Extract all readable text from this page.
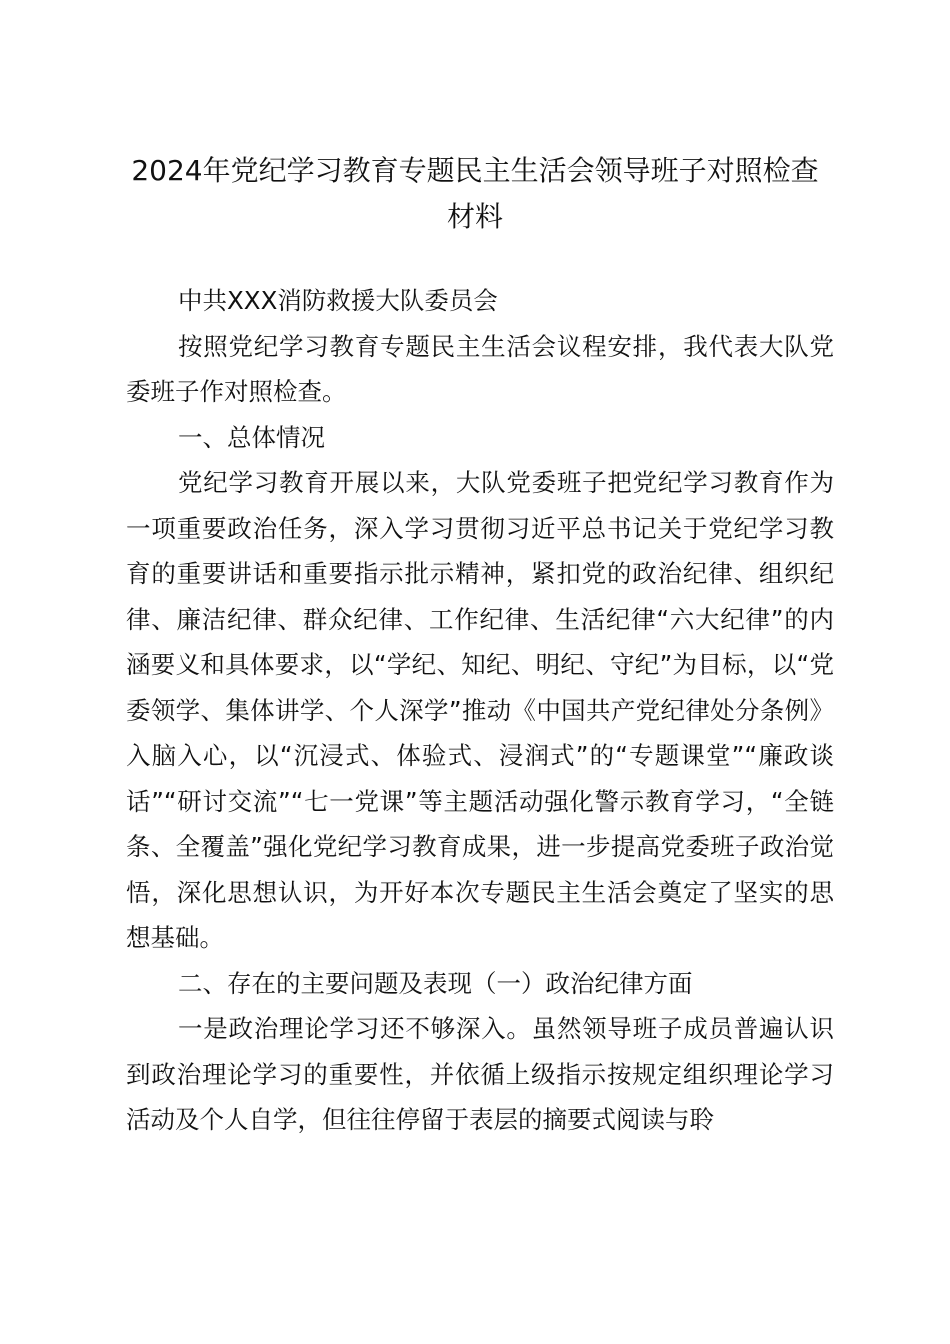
2024年党纪学习教育专题民主生活会领导班子对照检查材料

中共XXX消防救援大队委员会

按照党纪学习教育专题民主生活会议程安排，我代表大队党委班子作对照检查。

一、总体情况

党纪学习教育开展以来，大队党委班子把党纪学习教育作为一项重要政治任务，深入学习贯彻习近平总书记关于党纪学习教育的重要讲话和重要指示批示精神，紧扣党的政治纪律、组织纪律、廉洁纪律、群众纪律、工作纪律、生活纪律“六大纪律”的内涵要义和具体要求，以“学纪、知纪、明纪、守纪”为目标，以“党委领学、集体讲学、个人深学”推动《中国共产党纪律处分条例》入脑入心，以“沉浸式、体验式、浸润式”的“专题课堂”“廉政谈话”“研讨交流”“七一党课”等主题活动强化警示教育学习，“全链条、全覆盖”强化党纪学习教育成果，进一步提高党委班子政治觉悟，深化思想认识，为开好本次专题民主生活会奠定了坚实的思想基础。

二、存在的主要问题及表现（一）政治纪律方面

一是政治理论学习还不够深入。虽然领导班子成员普遍认识到政治理论学习的重要性，并依循上级指示按规定组织理论学习活动及个人自学，但往往停留于表层的摘要式阅读与聆
